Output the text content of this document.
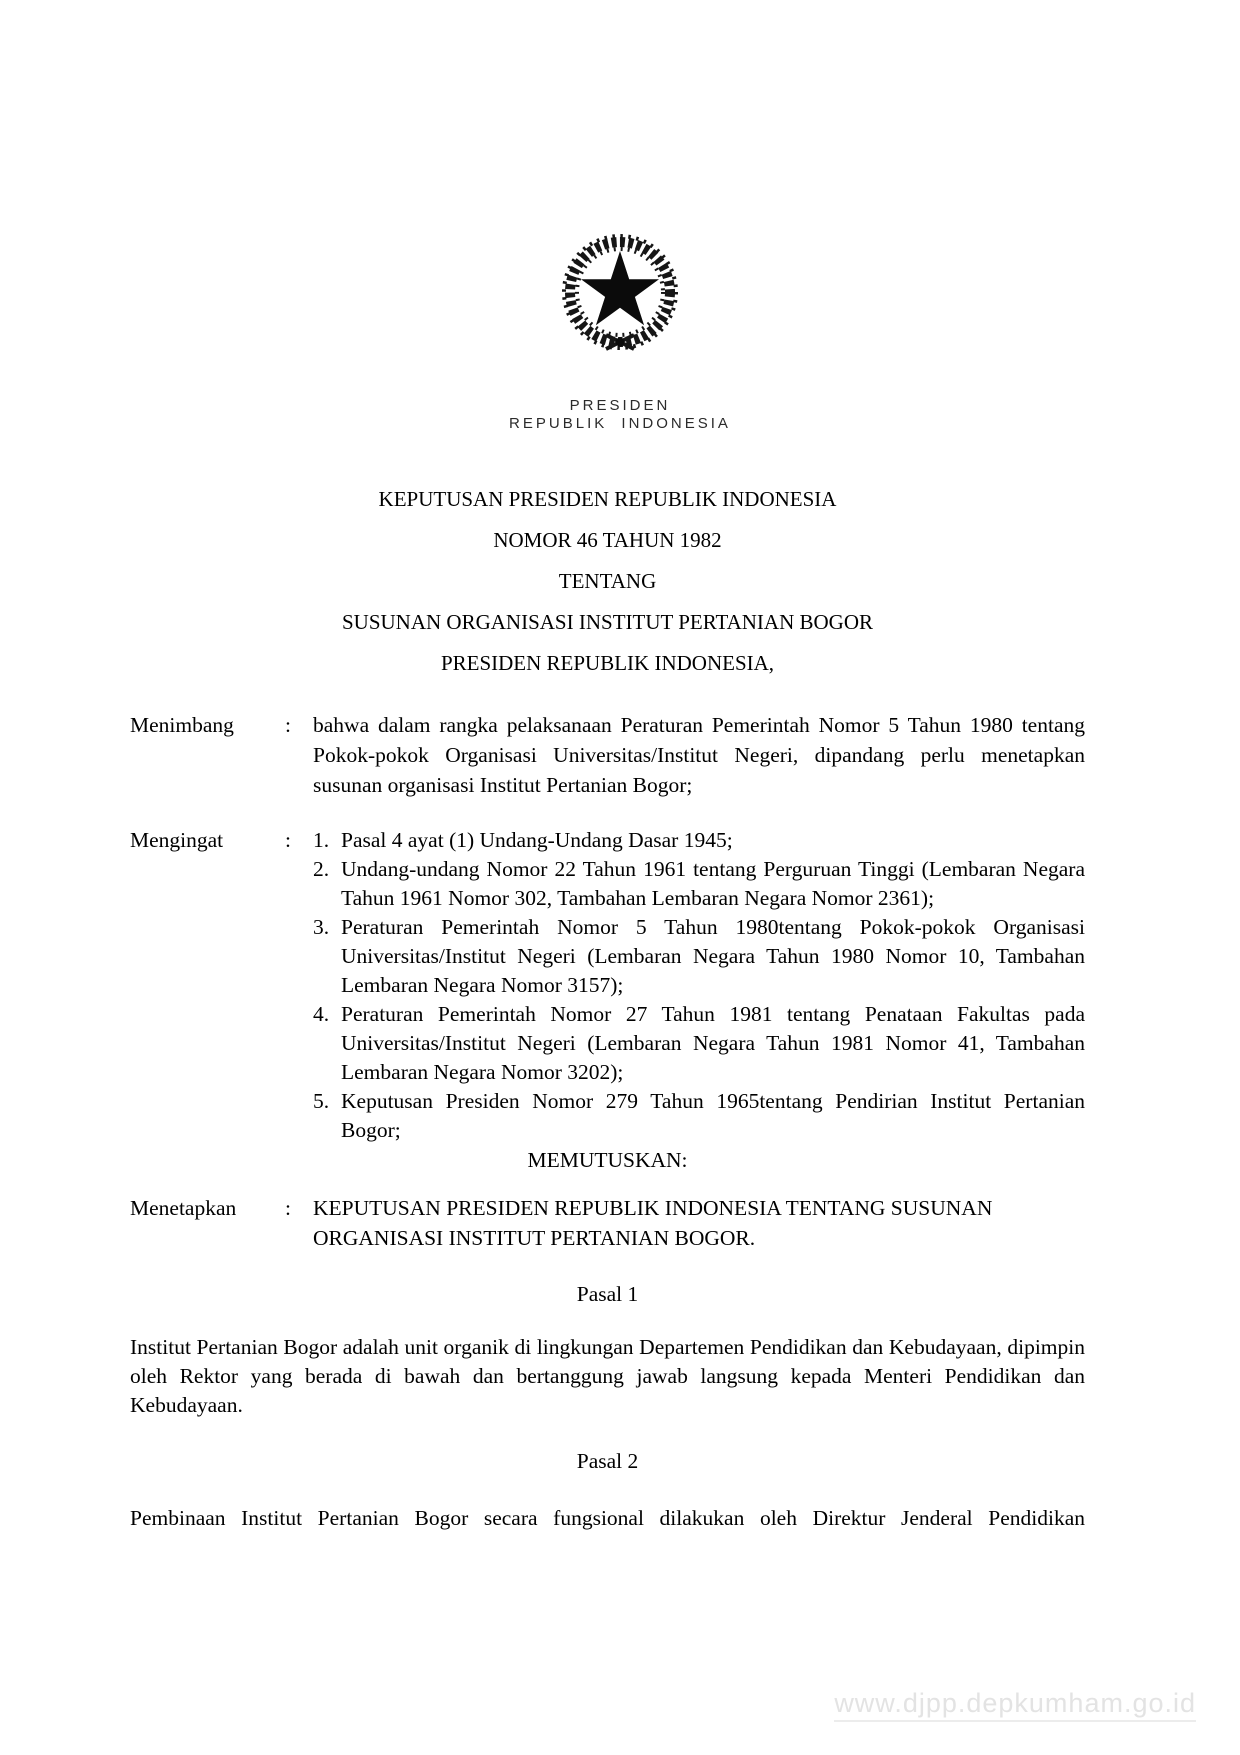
PRESIDEN
REPUBLIK INDONESIA
KEPUTUSAN PRESIDEN REPUBLIK INDONESIA
NOMOR 46 TAHUN 1982
TENTANG
SUSUNAN ORGANISASI INSTITUT PERTANIAN BOGOR
PRESIDEN REPUBLIK INDONESIA,
Menimbang	:	bahwa dalam rangka pelaksanaan Peraturan Pemerintah Nomor 5 Tahun 1980 tentang Pokok-pokok Organisasi Universitas/Institut Negeri, dipandang perlu menetapkan susunan organisasi Institut Pertanian Bogor;
Mengingat	:	1. Pasal 4 ayat (1) Undang-Undang Dasar 1945;
2. Undang-undang Nomor 22 Tahun 1961 tentang Perguruan Tinggi (Lembaran Negara Tahun 1961 Nomor 302, Tambahan Lembaran Negara Nomor 2361);
3. Peraturan Pemerintah Nomor 5 Tahun 1980tentang Pokok-pokok Organisasi Universitas/Institut Negeri (Lembaran Negara Tahun 1980 Nomor 10, Tambahan Lembaran Negara Nomor 3157);
4. Peraturan Pemerintah Nomor 27 Tahun 1981 tentang Penataan Fakultas pada Universitas/Institut Negeri (Lembaran Negara Tahun 1981 Nomor 41, Tambahan Lembaran Negara Nomor 3202);
5. Keputusan Presiden Nomor 279 Tahun 1965tentang Pendirian Institut Pertanian Bogor;
MEMUTUSKAN:
Menetapkan	:	KEPUTUSAN PRESIDEN REPUBLIK INDONESIA TENTANG SUSUNAN ORGANISASI INSTITUT PERTANIAN BOGOR.
Pasal 1

Institut Pertanian Bogor adalah unit organik di lingkungan Departemen Pendidikan dan Kebudayaan, dipimpin oleh Rektor yang berada di bawah dan bertanggung jawab langsung kepada Menteri Pendidikan dan Kebudayaan.

Pasal 2

Pembinaan Institut Pertanian Bogor secara fungsional dilakukan oleh Direktur Jenderal Pendidikan

www.djpp.depkumham.go.id
